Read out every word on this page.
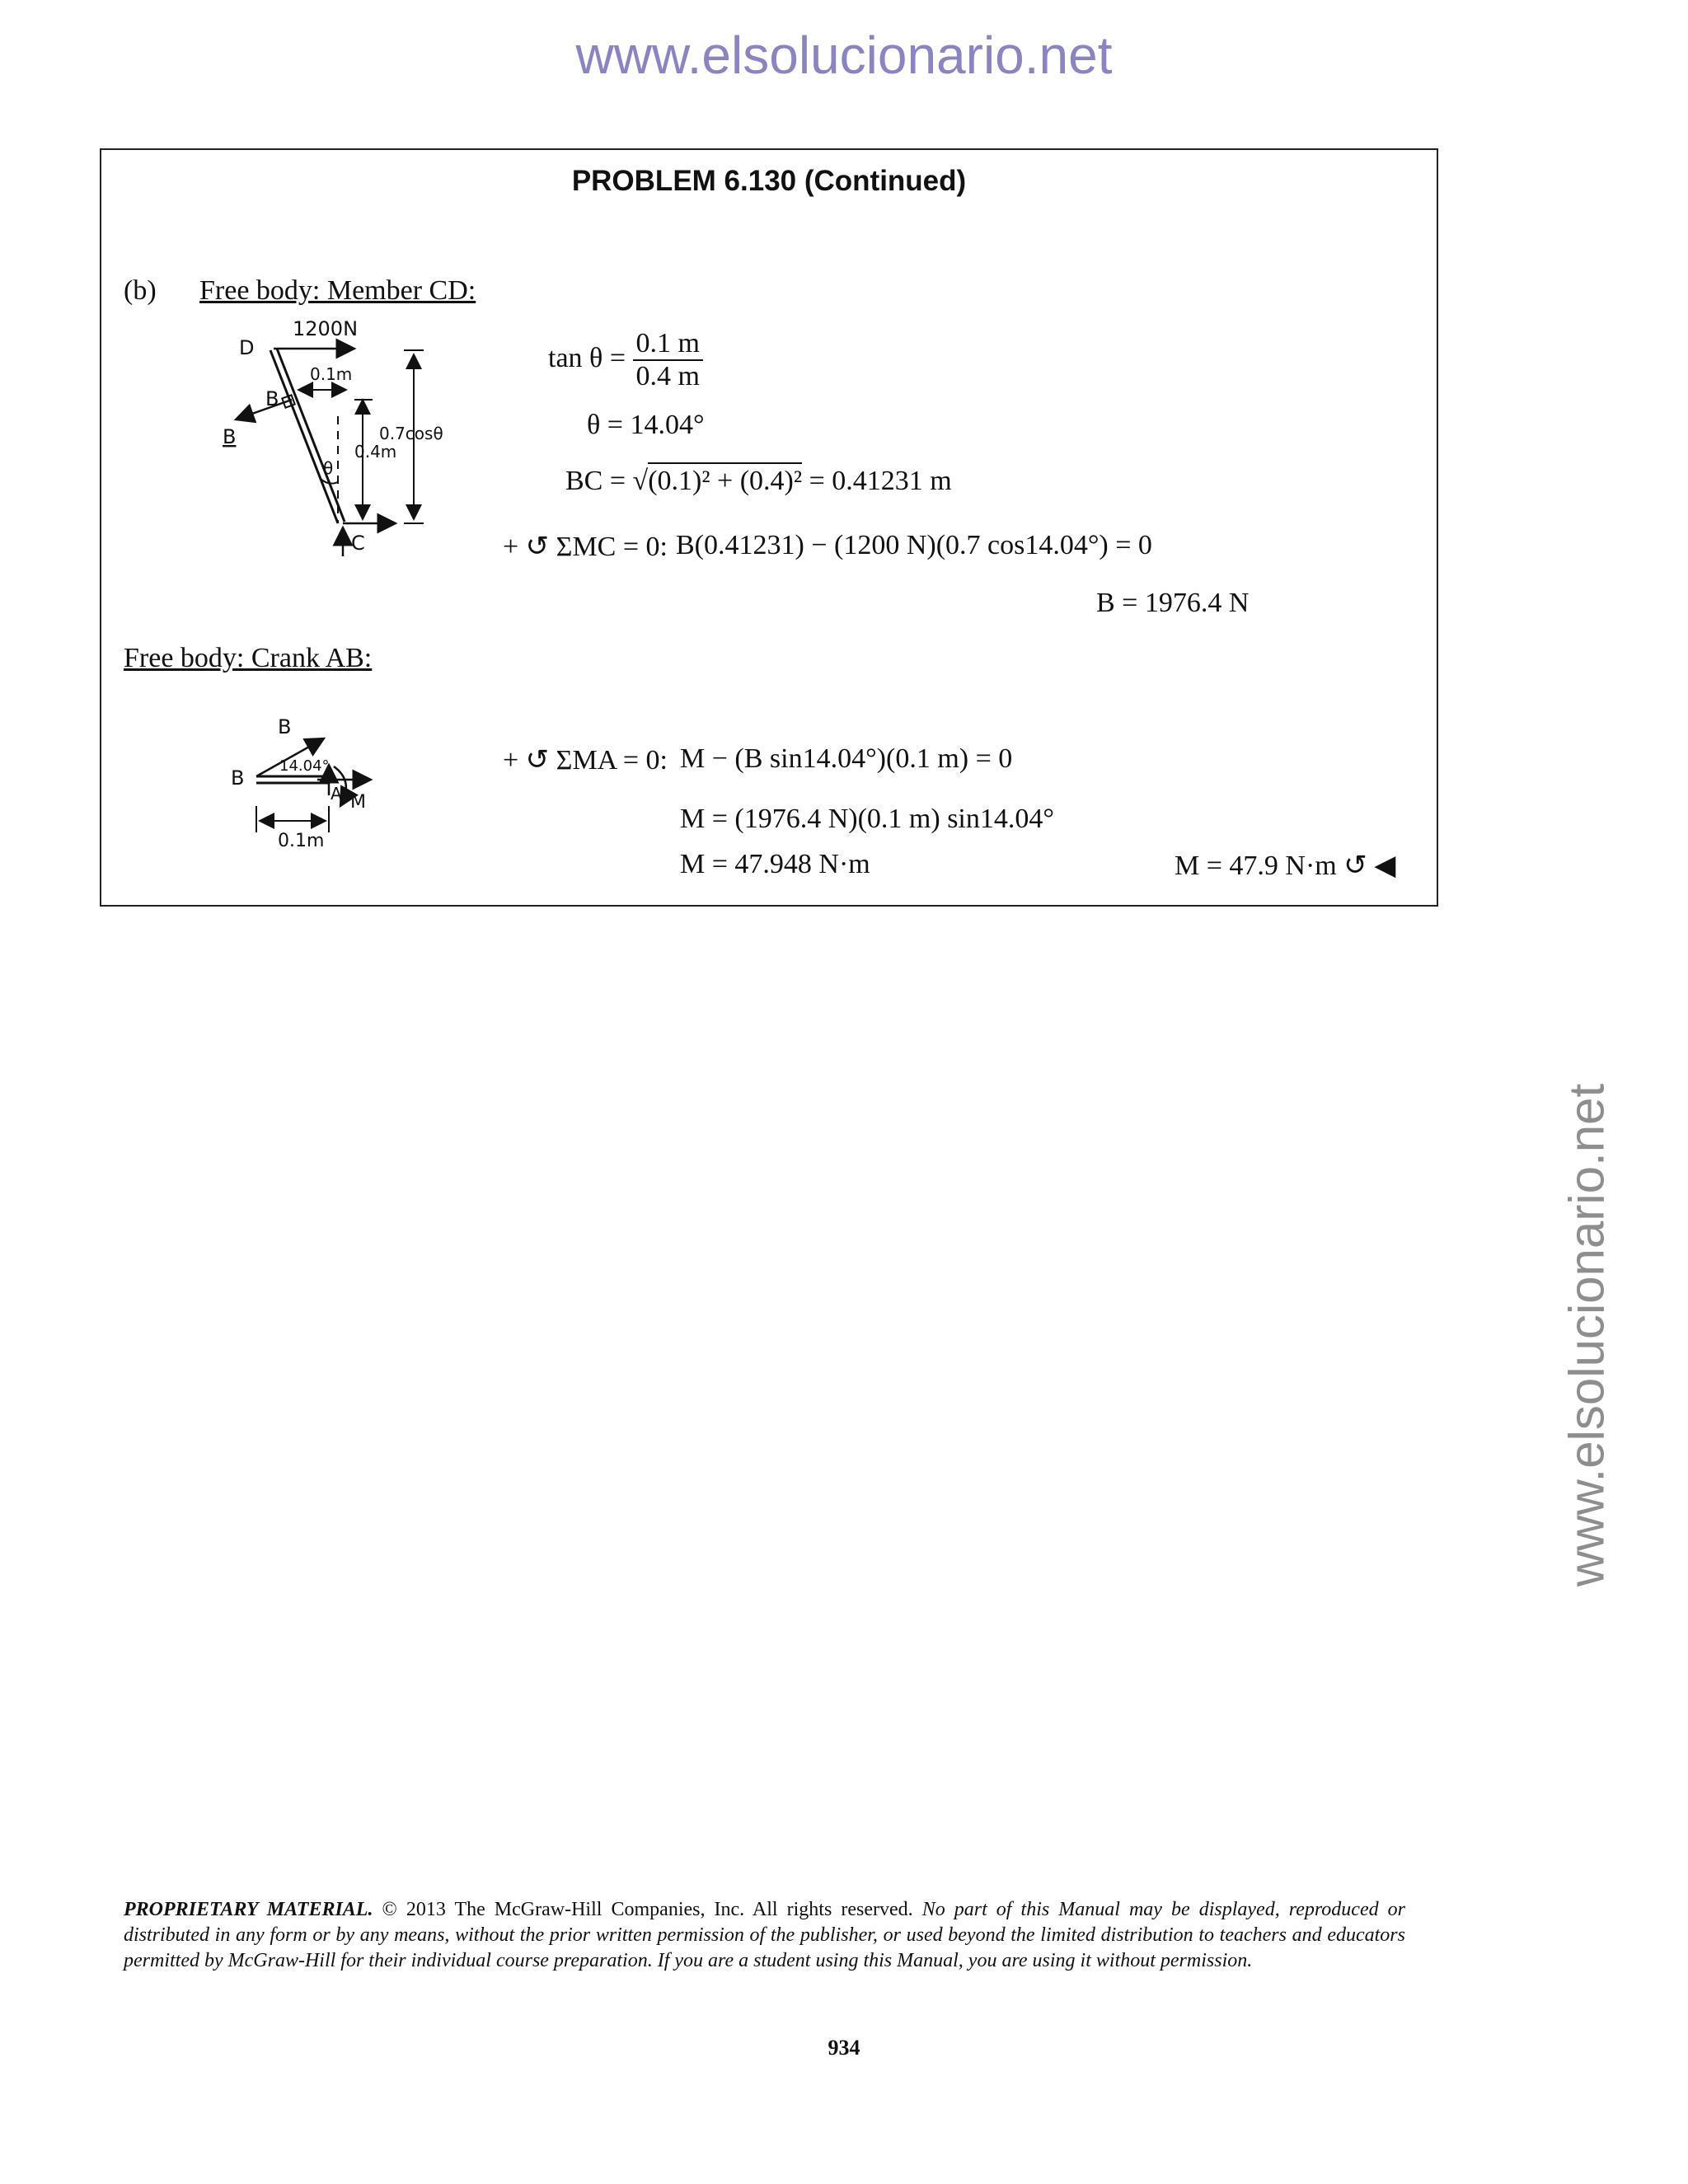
www.elsolucionario.net
www.elsolucionario.net
PROBLEM 6.130 (Continued)
(b) Free body: Member CD:
1200N
D
B
B
0.1m
0.7cosθ
0.4m
θ
C
$\tan \theta = \frac{0.1 m}{0.4 m}$
θ = 14.04°
BC = √(0.1)² + (0.4)² = 0.41231 m
+ ↺ ΣMC = 0: B(0.41231) − (1200 N)(0.7 cos14.04°) = 0
B = 1976.4 N
Free body: Crank AB:
B
B
14.04°
A M
0.1m
+ ↺ ΣMA = 0: M − (B sin14.04°)(0.1 m) = 0
M = (1976.4 N)(0.1 m) sin14.04°
M = 47.948 N·m	M = 47.9 N·m ↺ ◀
PROPRIETARY MATERIAL. © 2013 The McGraw-Hill Companies, Inc. All rights reserved. No part of this Manual may be displayed, reproduced or distributed in any form or by any means, without the prior written permission of the publisher, or used beyond the limited distribution to teachers and educators permitted by McGraw-Hill for their individual course preparation. If you are a student using this Manual, you are using it without permission.
934
